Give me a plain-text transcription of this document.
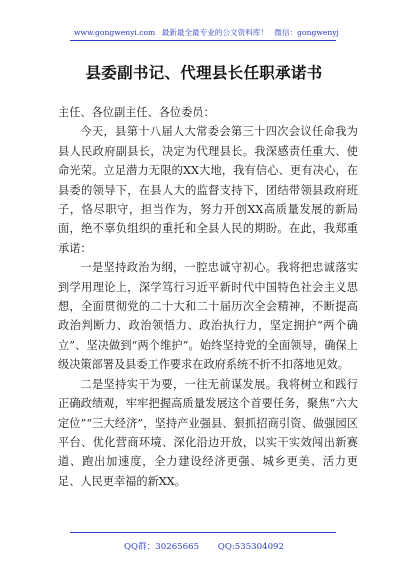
www.gongwenyi.com 最新最全最专业的公文资料库！ 微信：gongwenyj
县委副书记、代理县长任职承诺书

主任、各位副主任、各位委员：

今天，县第十八届人大常委会第三十四次会议任命我为县人民政府副县长，决定为代理县长。我深感责任重大、使命光荣。立足潜力无限的XX大地，我有信心、更有决心，在县委的领导下，在县人大的监督支持下，团结带领县政府班子，恪尽职守，担当作为，努力开创XX高质量发展的新局面，绝不辜负组织的重托和全县人民的期盼。在此，我郑重承诺：

一是坚持政治为纲，一腔忠诚守初心。我将把忠诚落实到学用理论上，深学笃行习近平新时代中国特色社会主义思想，全面贯彻党的二十大和二十届历次全会精神，不断提高政治判断力、政治领悟力、政治执行力，坚定拥护“两个确立”、坚决做到“两个维护”。始终坚持党的全面领导，确保上级决策部署及县委工作要求在政府系统不折不扣落地见效。

二是坚持实干为要，一往无前谋发展。我将树立和践行正确政绩观，牢牢把握高质量发展这个首要任务，聚焦“六大定位”“三大经济”，坚持产业强县、狠抓招商引资、做强园区平台、优化营商环境、深化沿边开放，以实干实效闯出新赛道、跑出加速度，全力建设经济更强、城乡更美、活力更足、人民更幸福的新XX。

QQ群：30265665 QQ:535304092
